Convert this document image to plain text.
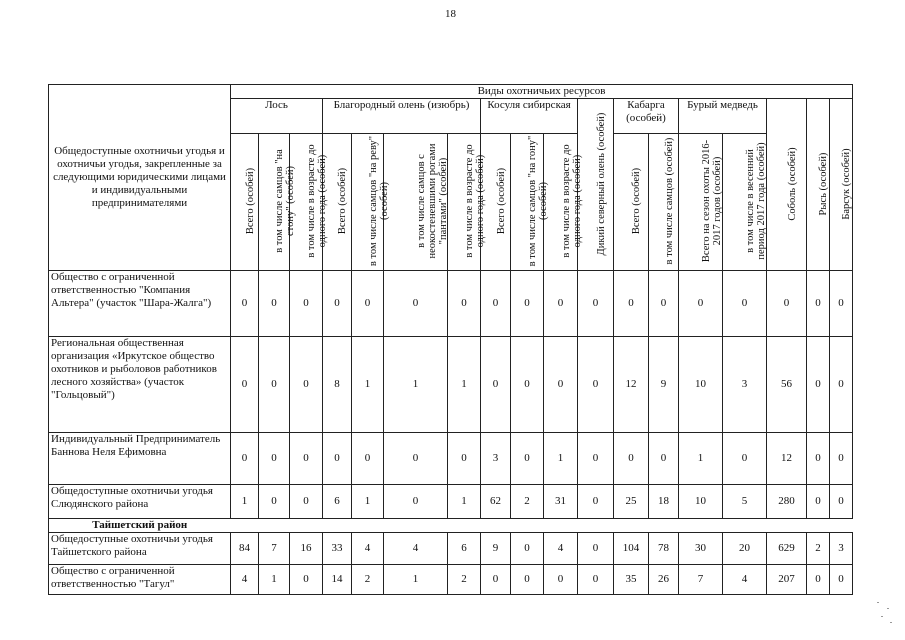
18
Общедоступные охотничьи угодья и охотничьи угодья, закрепленные за следующими юридическими лицами и индивидуальными предпринимателями	Виды охотничьих ресурсов																	
	Лось			Благородный олень (изюбрь)				Косуля сибирская			Дикий северный олень (особей)	Кабарга (особей)		Бурый медведь		Соболь (особей)	Рысь (особей)	Барсук (особей)

	Всего (особей)	в том числе самцов "на стону" (особей)	в том числе в возрасте до одного года (особей)	Всего (особей)	в том числе самцов "на реву" (особей)	в том числе самцов с неокостеневшими рогами "пантами" (особей)	в том числе в возрасте до одного года (особей)	Всего (особей)	в том числе самцов "на гону" (особей)	в том числе в возрасте до одного года (особей)		Всего (особей)	в том числе самцов (особей)	Всего на сезон охоты 2016-2017 годов (особей)	в том числе в весенний период 2017 года (особей)			

Общество с ограниченной ответственностью "Компания Альтера" (участок "Шара-Жалга")	0	0	0	0	0	0	0	0	0	0	0	0	0	0	0	0	0	0
Региональная общественная организация «Иркутское общество охотников и рыболовов работников лесного хозяйства» (участок "Гольцовый")	0	0	0	8	1	1	1	0	0	0	0	12	9	10	3	56	0	0
Индивидуальный Предприниматель Баннова Неля Ефимовна	0	0	0	0	0	0	0	3	0	1	0	0	0	1	0	12	0	0
Общедоступные охотничьи угодья Слюдянского района	1	0	0	6	1	0	1	62	2	31	0	25	18	10	5	280	0	0
Тайшетский район																		
Общедоступные охотничьи угодья Тайшетского района	84	7	16	33	4	4	6	9	0	4	0	104	78	30	20	629	2	3
Общество с ограниченной ответственностью "Тагул"	4	1	0	14	2	1	2	0	0	0	0	35	26	7	4	207	0	0
